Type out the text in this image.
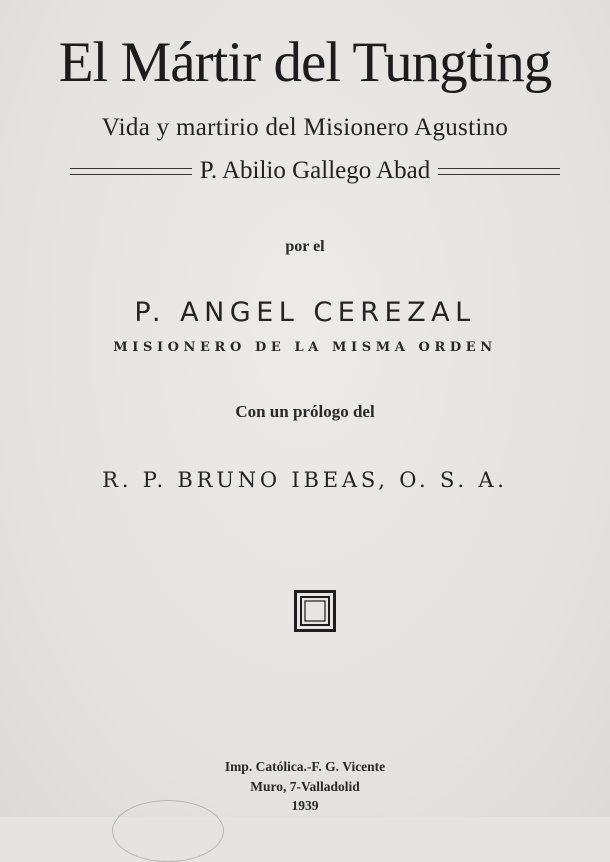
El Mártir del Tungting
Vida y martirio del Misionero Agustino
P. Abilio Gallego Abad
por el
P. ANGEL CEREZAL
MISIONERO DE LA MISMA ORDEN
Con un prólogo del
R. P. BRUNO IBEAS, O. S. A.
Imp. Católica.-F. G. Vicente
Muro, 7-Valladolid
1939
